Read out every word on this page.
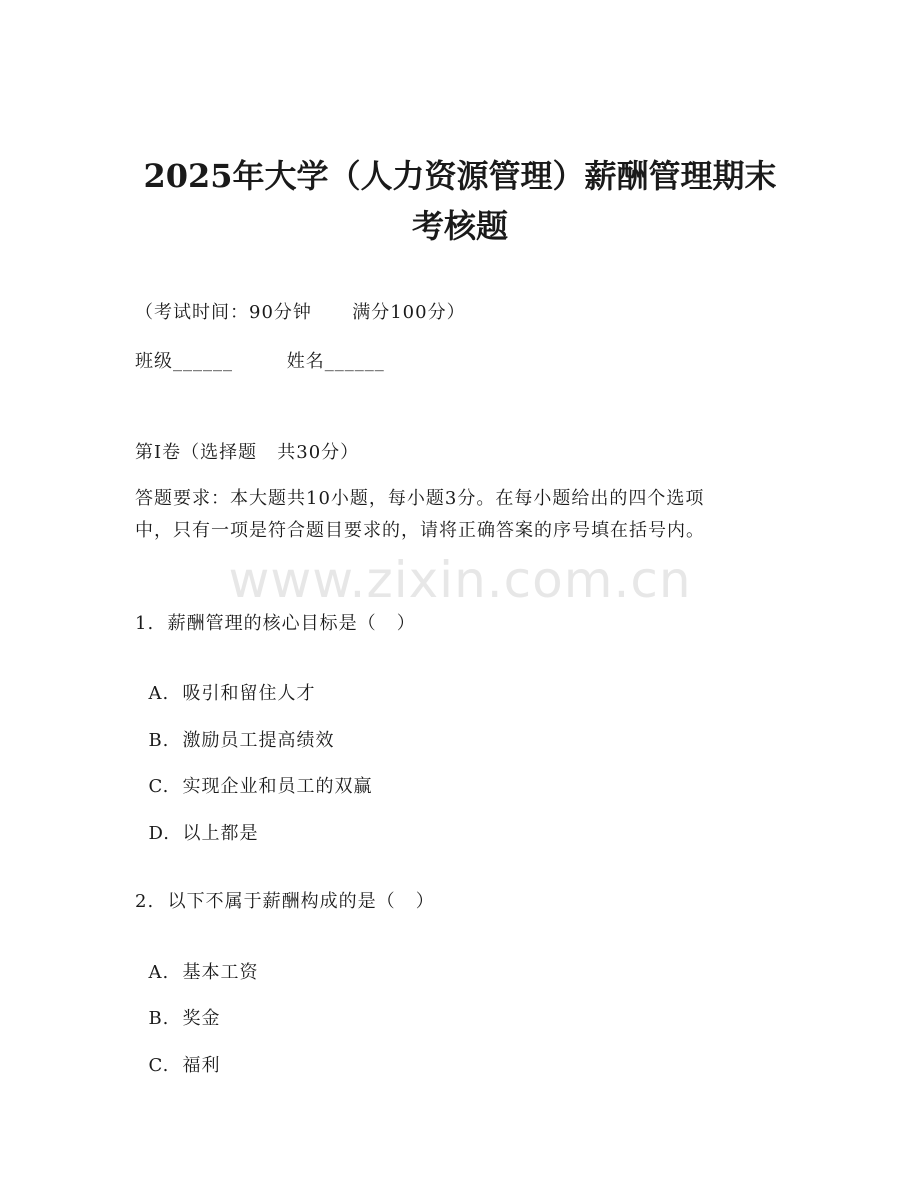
2025年大学（人力资源管理）薪酬管理期末
考核题
（考试时间：90分钟      满分100分）
班级______        姓名______
第Ⅰ卷（选择题   共30分）
答题要求：本大题共10小题，每小题3分。在每小题给出的四个选项
中，只有一项是符合题目要求的，请将正确答案的序号填在括号内。
www.zixin.com.cn
1.  薪酬管理的核心目标是（   ）

A. 吸引和留住人才

B. 激励员工提高绩效

C. 实现企业和员工的双赢

D. 以上都是

2.  以下不属于薪酬构成的是（   ）

A. 基本工资

B. 奖金

C. 福利
